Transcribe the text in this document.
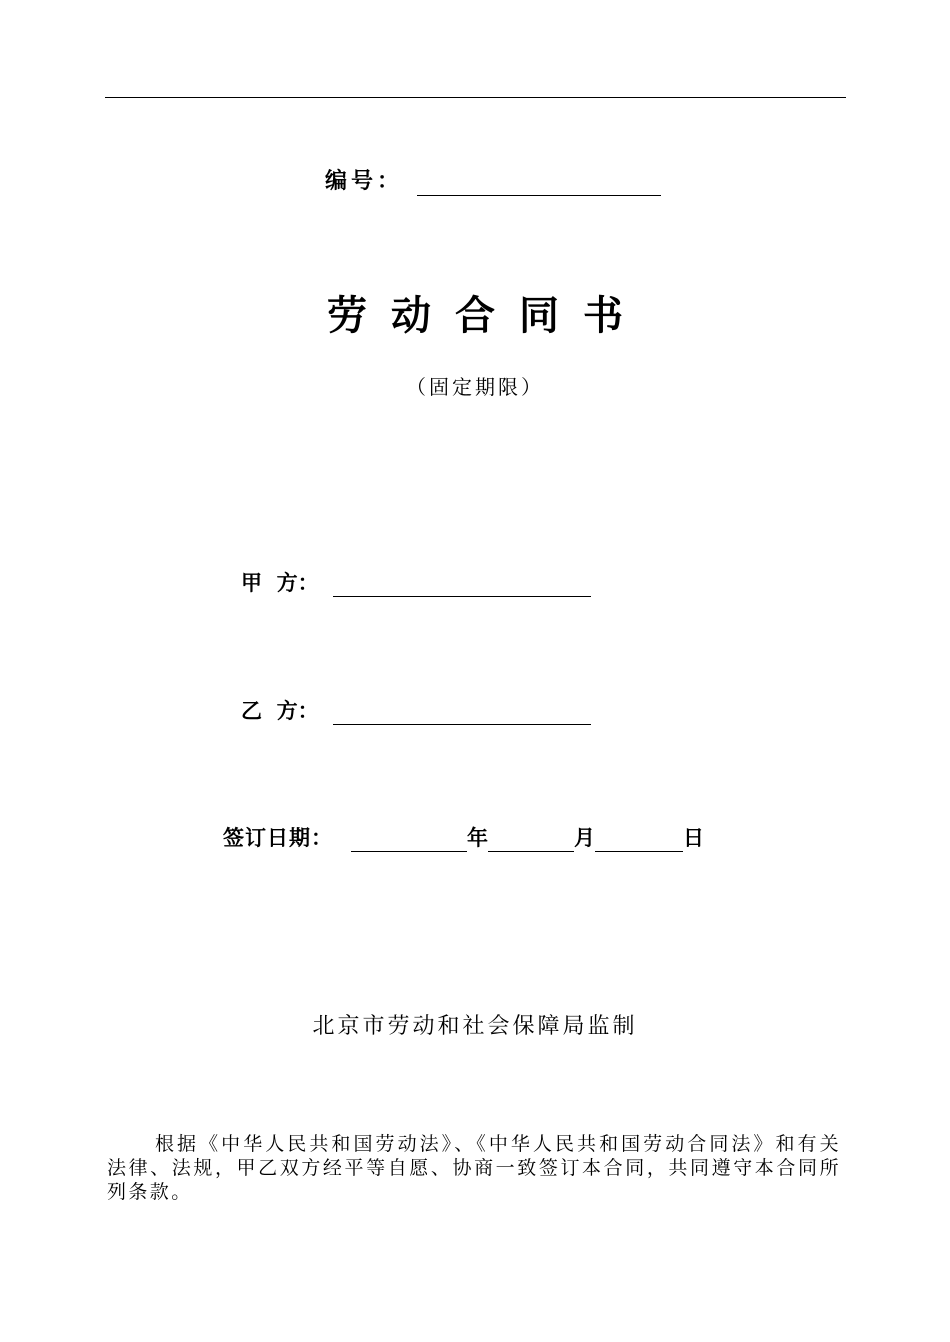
编号：
劳动合同书
（固定期限）
甲  方：
乙  方：
签订日期：	年	月	日
北京市劳动和社会保障局监制
根据《中华人民共和国劳动法》、《中华人民共和国劳动合同法》和有关法律、法规，甲乙双方经平等自愿、协商一致签订本合同，共同遵守本合同所列条款。
